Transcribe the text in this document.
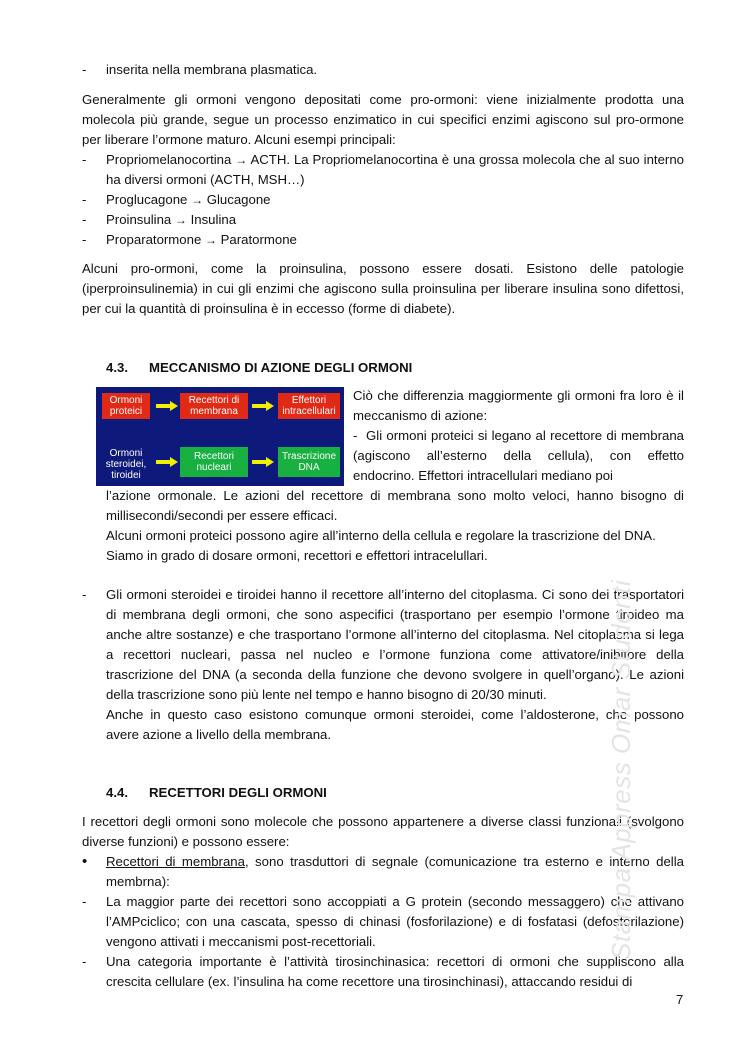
-	inserita nella membrana plasmatica.

Generalmente gli ormoni vengono depositati come pro-ormoni: viene inizialmente prodotta una molecola più grande, segue un processo enzimatico in cui specifici enzimi agiscono sul pro-ormone per liberare l’ormone maturo. Alcuni esempi principali:

-	Propriomelanocortina → ACTH. La Propriomelanocortina è una grossa molecola che al suo interno ha diversi ormoni (ACTH, MSH…)
-	Proglucagone → Glucagone
-	Proinsulina → Insulina
-	Proparatormone → Paratormone

Alcuni pro-ormoni, come la proinsulina, possono essere dosati. Esistono delle patologie (iperproinsulinemia) in cui gli enzimi che agiscono sulla proinsulina per liberare insulina sono difettosi, per cui la quantità di proinsulina è in eccesso (forme di diabete).

4.3. MECCANISMO DI AZIONE DEGLI ORMONI
Ormoni proteici
Recettori di membrana
Effettori intracellulari
Ormoni steroidei, tiroidei
Recettori nucleari
Trascrizione DNA

Ciò che differenzia maggiormente gli ormoni fra loro è il meccanismo di azione:

- Gli ormoni proteici si legano al recettore di membrana (agiscono all’esterno della cellula), con effetto endocrino. Effettori intracellulari mediano poi

l’azione ormonale. Le azioni del recettore di membrana sono molto veloci, hanno bisogno di millisecondi/secondi per essere efficaci.

Alcuni ormoni proteici possono agire all’interno della cellula e regolare la trascrizione del DNA.

Siamo in grado di dosare ormoni, recettori e effettori intracelullari.

-	Gli ormoni steroidei e tiroidei hanno il recettore all’interno del citoplasma. Ci sono dei trasportatori di membrana degli ormoni, che sono aspecifici (trasportano per esempio l’ormone tiroideo ma anche altre sostanze) e che trasportano l’ormone all’interno del citoplasma. Nel citoplasma si lega a recettori nucleari, passa nel nucleo e l’ormone funziona come attivatore/inibitore della trascrizione del DNA (a seconda della funzione che devono svolgere in quell’organo). Le azioni della trascrizione sono più lente nel tempo e hanno bisogno di 20/30 minuti.

Anche in questo caso esistono comunque ormoni steroidei, come l’aldosterone, che possono avere azione a livello della membrana.

4.4. RECETTORI DEGLI ORMONI

I recettori degli ormoni sono molecole che possono appartenere a diverse classi funzionali (svolgono diverse funzioni) e possono essere:

•	Recettori di membrana, sono trasduttori di segnale (comunicazione tra esterno e interno della membrna):
-	La maggior parte dei recettori sono accoppiati a G protein (secondo messaggero) che attivano l’AMPciclico; con una cascata, spesso di chinasi (fosforilazione) e di fosfatasi (defosforilazione) vengono attivati i meccanismi post-recettoriali.
-	Una categoria importante è l’attività tirosinchinasica: recettori di ormoni che suppliscono alla crescita cellulare (ex. l’insulina ha come recettore una tirosinchinasi), attaccando residui di
Stampa Appress Omar Studenti
7
